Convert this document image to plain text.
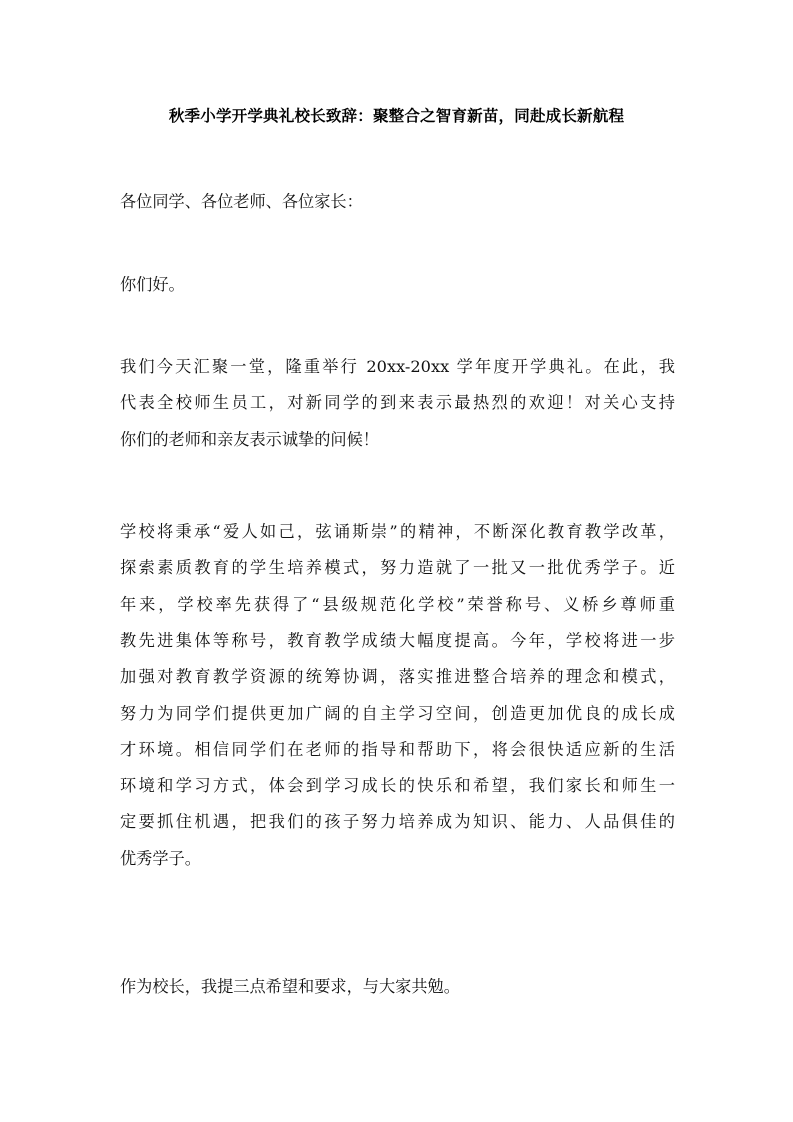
秋季小学开学典礼校长致辞：聚整合之智育新苗，同赴成长新航程
各位同学、各位老师、各位家长：
你们好。
我们今天汇聚一堂，隆重举行 20xx-20xx 学年度开学典礼。在此，我
代表全校师生员工，对新同学的到来表示最热烈的欢迎！对关心支持
你们的老师和亲友表示诚挚的问候！
学校将秉承“爱人如己，弦诵斯崇”的精神，不断深化教育教学改革，
探索素质教育的学生培养模式，努力造就了一批又一批优秀学子。近
年来，学校率先获得了“县级规范化学校”荣誉称号、义桥乡尊师重
教先进集体等称号，教育教学成绩大幅度提高。今年，学校将进一步
加强对教育教学资源的统筹协调，落实推进整合培养的理念和模式，
努力为同学们提供更加广阔的自主学习空间，创造更加优良的成长成
才环境。相信同学们在老师的指导和帮助下，将会很快适应新的生活
环境和学习方式，体会到学习成长的快乐和希望，我们家长和师生一
定要抓住机遇，把我们的孩子努力培养成为知识、能力、人品俱佳的
优秀学子。
作为校长，我提三点希望和要求，与大家共勉。
